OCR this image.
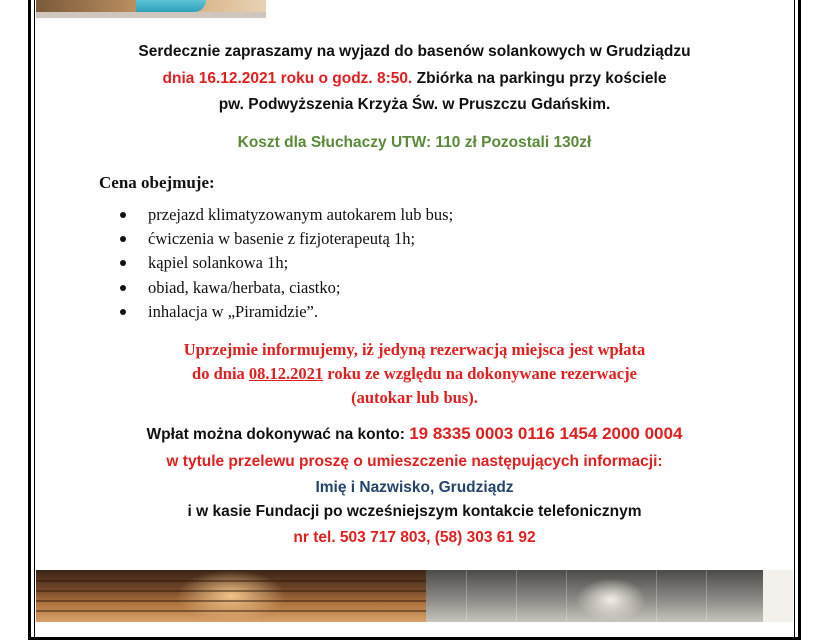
Serdecznie zapraszamy na wyjazd do basenów solankowych w Grudziądzu
dnia 16.12.2021 roku o godz. 8:50. Zbiórka na parkingu przy kościele
pw. Podwyższenia Krzyża Św. w Pruszczu Gdańskim.
Koszt dla Słuchaczy UTW: 110 zł Pozostali 130zł
Cena obejmuje:
przejazd klimatyzowanym autokarem lub bus;
ćwiczenia w basenie z fizjoterapeutą 1h;
kąpiel solankowa 1h;
obiad, kawa/herbata, ciastko;
inhalacja w „Piramidzie”.
Uprzejmie informujemy, iż jedyną rezerwacją miejsca jest wpłata
do dnia 08.12.2021 roku ze względu na dokonywane rezerwacje
(autokar lub bus).
Wpłat można dokonywać na konto: 19 8335 0003 0116 1454 2000 0004
w tytule przelewu proszę o umieszczenie następujących informacji:
Imię i Nazwisko, Grudziądz
i w kasie Fundacji po wcześniejszym kontakcie telefonicznym
nr tel. 503 717 803, (58) 303 61 92
